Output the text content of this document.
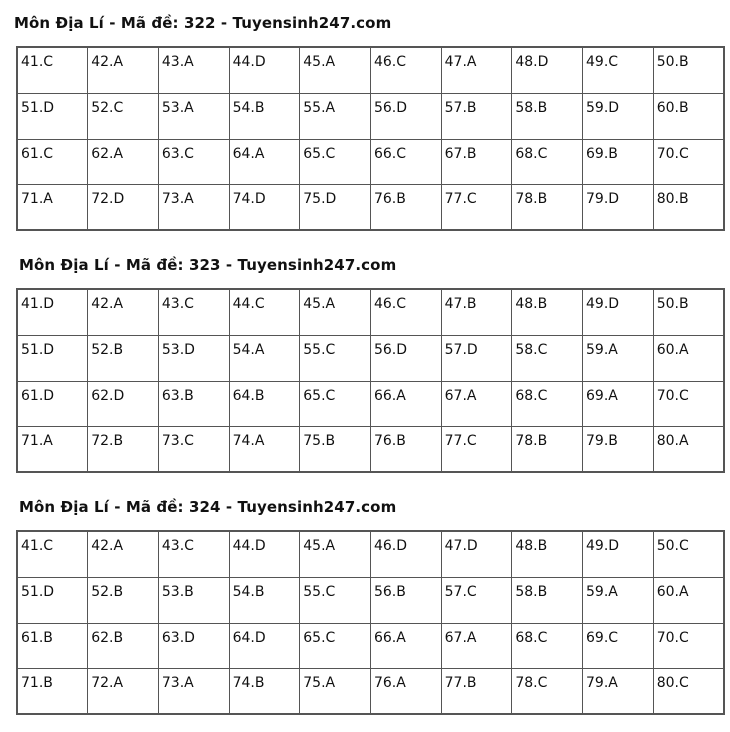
Môn Địa Lí - Mã đề: 322 - Tuyensinh247.com
41.C	42.A	43.A	44.D	45.A	46.C	47.A	48.D	49.C	50.B
51.D	52.C	53.A	54.B	55.A	56.D	57.B	58.B	59.D	60.B
61.C	62.A	63.C	64.A	65.C	66.C	67.B	68.C	69.B	70.C
71.A	72.D	73.A	74.D	75.D	76.B	77.C	78.B	79.D	80.B
Môn Địa Lí - Mã đề: 323 - Tuyensinh247.com
41.D	42.A	43.C	44.C	45.A	46.C	47.B	48.B	49.D	50.B
51.D	52.B	53.D	54.A	55.C	56.D	57.D	58.C	59.A	60.A
61.D	62.D	63.B	64.B	65.C	66.A	67.A	68.C	69.A	70.C
71.A	72.B	73.C	74.A	75.B	76.B	77.C	78.B	79.B	80.A
Môn Địa Lí - Mã đề: 324 - Tuyensinh247.com
41.C	42.A	43.C	44.D	45.A	46.D	47.D	48.B	49.D	50.C
51.D	52.B	53.B	54.B	55.C	56.B	57.C	58.B	59.A	60.A
61.B	62.B	63.D	64.D	65.C	66.A	67.A	68.C	69.C	70.C
71.B	72.A	73.A	74.B	75.A	76.A	77.B	78.C	79.A	80.C
